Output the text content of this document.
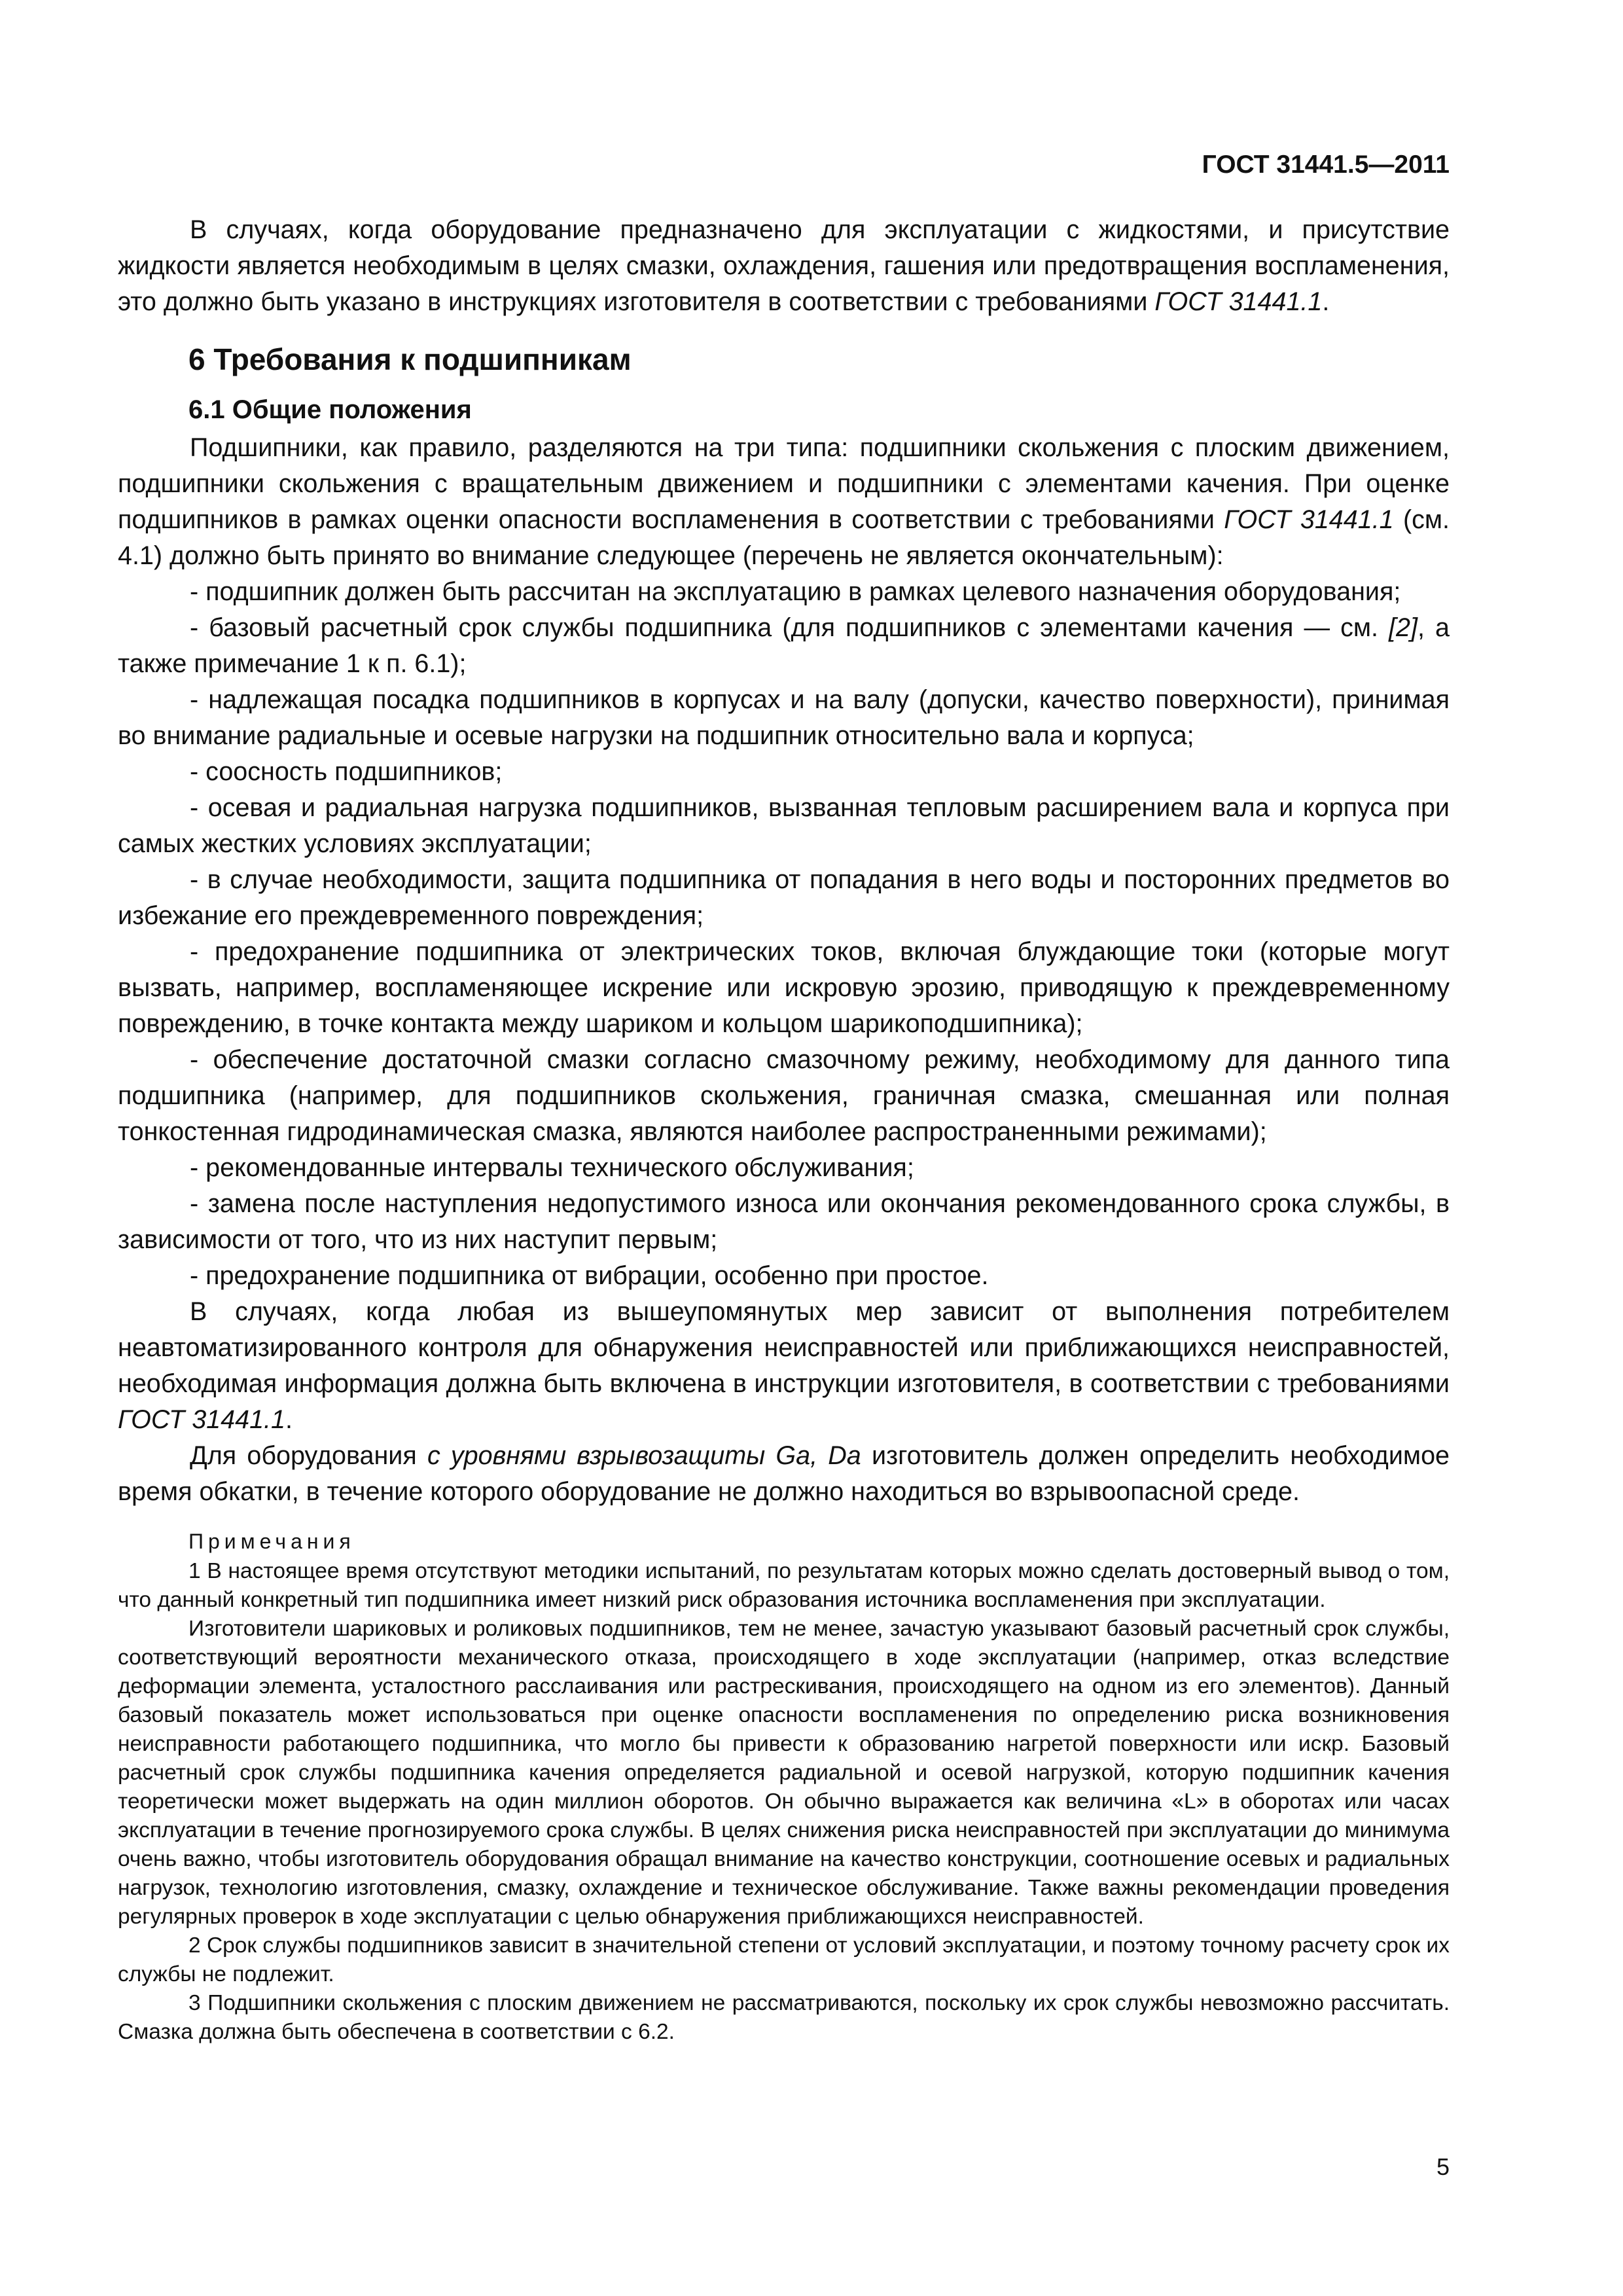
ГОСТ 31441.5—2011

В случаях, когда оборудование предназначено для эксплуатации с жидкостями, и присутствие жидкости является необходимым в целях смазки, охлаждения, гашения или предотвращения воспламенения, это должно быть указано в инструкциях изготовителя в соответствии с требованиями ГОСТ 31441.1.

6 Требования к подшипникам
6.1 Общие положения

Подшипники, как правило, разделяются на три типа: подшипники скольжения с плоским движением, подшипники скольжения с вращательным движением и подшипники с элементами качения. При оценке подшипников в рамках оценки опасности воспламенения в соответствии с требованиями ГОСТ 31441.1 (см. 4.1) должно быть принято во внимание следующее (перечень не является окончательным):

- подшипник должен быть рассчитан на эксплуатацию в рамках целевого назначения оборудования;

- базовый расчетный срок службы подшипника (для подшипников с элементами качения — см. [2], а также примечание 1 к п. 6.1);

- надлежащая посадка подшипников в корпусах и на валу (допуски, качество поверхности), принимая во внимание радиальные и осевые нагрузки на подшипник относительно вала и корпуса;

- соосность подшипников;

- осевая и радиальная нагрузка подшипников, вызванная тепловым расширением вала и корпуса при самых жестких условиях эксплуатации;

- в случае необходимости, защита подшипника от попадания в него воды и посторонних предметов во избежание его преждевременного повреждения;

- предохранение подшипника от электрических токов, включая блуждающие токи (которые могут вызвать, например, воспламеняющее искрение или искровую эрозию, приводящую к преждевременному повреждению, в точке контакта между шариком и кольцом шарикоподшипника);

- обеспечение достаточной смазки согласно смазочному режиму, необходимому для данного типа подшипника (например, для подшипников скольжения, граничная смазка, смешанная или полная тонкостенная гидродинамическая смазка, являются наиболее распространенными режимами);

- рекомендованные интервалы технического обслуживания;

- замена после наступления недопустимого износа или окончания рекомендованного срока службы, в зависимости от того, что из них наступит первым;

- предохранение подшипника от вибрации, особенно при простое.

В случаях, когда любая из вышеупомянутых мер зависит от выполнения потребителем неавтоматизированного контроля для обнаружения неисправностей или приближающихся неисправностей, необходимая информация должна быть включена в инструкции изготовителя, в соответствии с требованиями ГОСТ 31441.1.

Для оборудования с уровнями взрывозащиты Ga, Da изготовитель должен определить необходимое время обкатки, в течение которого оборудование не должно находиться во взрывоопасной среде.

Примечания

1 В настоящее время отсутствуют методики испытаний, по результатам которых можно сделать достоверный вывод о том, что данный конкретный тип подшипника имеет низкий риск образования источника воспламенения при эксплуатации.

Изготовители шариковых и роликовых подшипников, тем не менее, зачастую указывают базовый расчетный срок службы, соответствующий вероятности механического отказа, происходящего в ходе эксплуатации (например, отказ вследствие деформации элемента, усталостного расслаивания или растрескивания, происходящего на одном из его элементов). Данный базовый показатель может использоваться при оценке опасности воспламенения по определению риска возникновения неисправности работающего подшипника, что могло бы привести к образованию нагретой поверхности или искр. Базовый расчетный срок службы подшипника качения определяется радиальной и осевой нагрузкой, которую подшипник качения теоретически может выдержать на один миллион оборотов. Он обычно выражается как величина «L» в оборотах или часах эксплуатации в течение прогнозируемого срока службы. В целях снижения риска неисправностей при эксплуатации до минимума очень важно, чтобы изготовитель оборудования обращал внимание на качество конструкции, соотношение осевых и радиальных нагрузок, технологию изготовления, смазку, охлаждение и техническое обслуживание. Также важны рекомендации проведения регулярных проверок в ходе эксплуатации с целью обнаружения приближающихся неисправностей.

2 Срок службы подшипников зависит в значительной степени от условий эксплуатации, и поэтому точному расчету срок их службы не подлежит.

3 Подшипники скольжения с плоским движением не рассматриваются, поскольку их срок службы невозможно рассчитать. Смазка должна быть обеспечена в соответствии с 6.2.

5
